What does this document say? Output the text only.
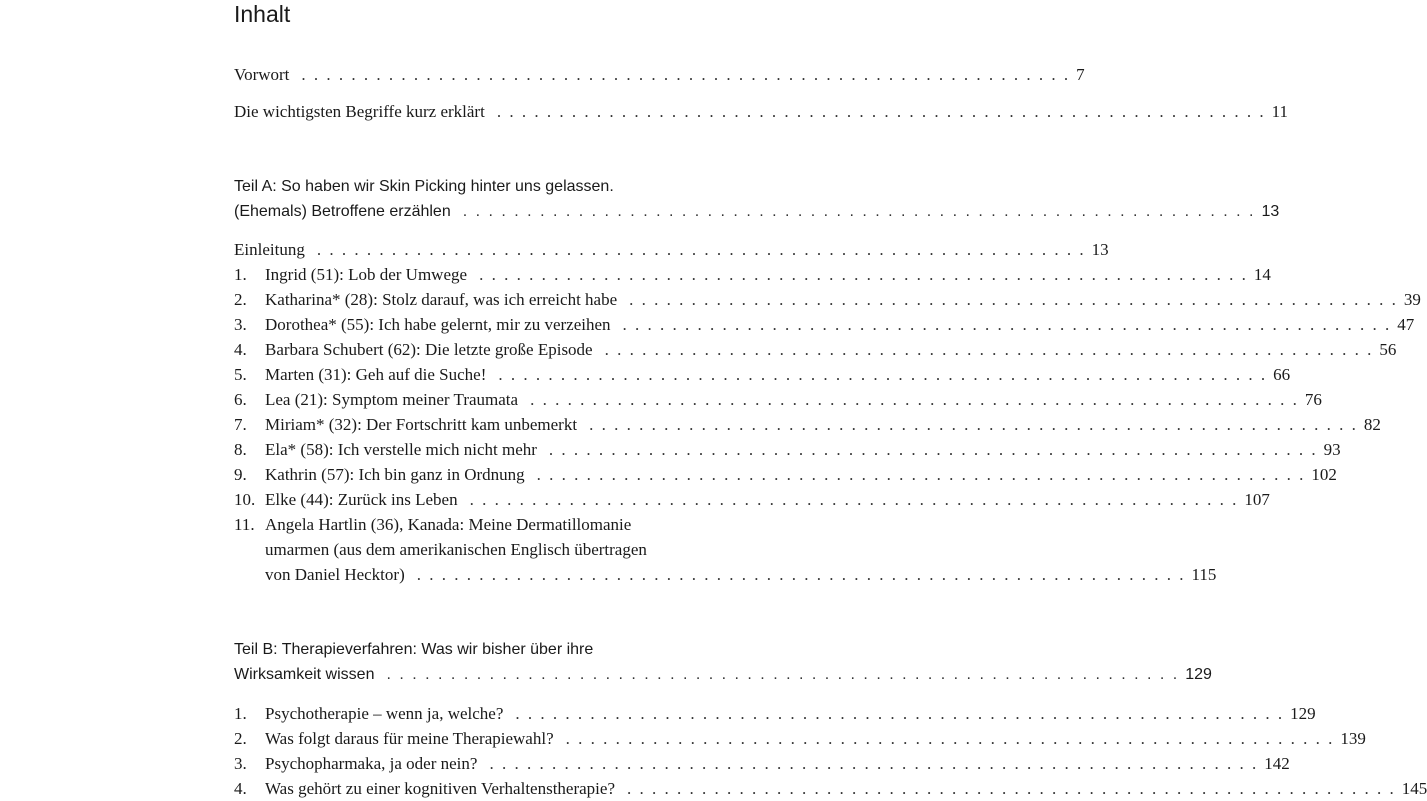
Inhalt
Vorwort . . . . . . . . . . . . . . . . . . . . . . . . . . . . . . . . . . . . . . . . . . . . . . . . . . . . . . . . . . . . . . 7
Die wichtigsten Begriffe kurz erklärt . . . . . . . . . . . . . . . . . . . . . . . . . . . . . . . . . . . . . . . . . . . . . . . . . . . . . . . . . . . . . . 11
Teil A: So haben wir Skin Picking hinter uns gelassen.
(Ehemals) Betroffene erzählen . . . . . . . . . . . . . . . . . . . . . . . . . . . . . . . . . . . . . . . . . . . . . . . . . . . . . . . . . . . . . . 13
Einleitung . . . . . . . . . . . . . . . . . . . . . . . . . . . . . . . . . . . . . . . . . . . . . . . . . . . . . . . . . . . . . . 13
1.	Ingrid (51): Lob der Umwege . . . . . . . . . . . . . . . . . . . . . . . . . . . . . . . . . . . . . . . . . . . . . . . . . . . . . . . . . . . . . . 14
2.	Katharina* (28): Stolz darauf, was ich erreicht habe . . . . . . . . . . . . . . . . . . . . . . . . . . . . . . . . . . . . . . . . . . . . . . . . . . . . . . . . . . . . . . 39
3.	Dorothea* (55): Ich habe gelernt, mir zu verzeihen . . . . . . . . . . . . . . . . . . . . . . . . . . . . . . . . . . . . . . . . . . . . . . . . . . . . . . . . . . . . . . 47
4.	Barbara Schubert (62): Die letzte große Episode . . . . . . . . . . . . . . . . . . . . . . . . . . . . . . . . . . . . . . . . . . . . . . . . . . . . . . . . . . . . . . 56
5.	Marten (31): Geh auf die Suche! . . . . . . . . . . . . . . . . . . . . . . . . . . . . . . . . . . . . . . . . . . . . . . . . . . . . . . . . . . . . . . 66
6.	Lea (21): Symptom meiner Traumata . . . . . . . . . . . . . . . . . . . . . . . . . . . . . . . . . . . . . . . . . . . . . . . . . . . . . . . . . . . . . . 76
7.	Miriam* (32): Der Fortschritt kam unbemerkt . . . . . . . . . . . . . . . . . . . . . . . . . . . . . . . . . . . . . . . . . . . . . . . . . . . . . . . . . . . . . . 82
8.	Ela* (58): Ich verstelle mich nicht mehr . . . . . . . . . . . . . . . . . . . . . . . . . . . . . . . . . . . . . . . . . . . . . . . . . . . . . . . . . . . . . . 93
9.	Kathrin (57): Ich bin ganz in Ordnung . . . . . . . . . . . . . . . . . . . . . . . . . . . . . . . . . . . . . . . . . . . . . . . . . . . . . . . . . . . . . . 102
10. Elke (44): Zurück ins Leben . . . . . . . . . . . . . . . . . . . . . . . . . . . . . . . . . . . . . . . . . . . . . . . . . . . . . . . . . . . . . . 107
11. Angela Hartlin (36), Kanada: Meine Dermatillomanie
umarmen (aus dem amerikanischen Englisch übertragen
von Daniel Hecktor) . . . . . . . . . . . . . . . . . . . . . . . . . . . . . . . . . . . . . . . . . . . . . . . . . . . . . . . . . . . . . . 115
Teil B: Therapieverfahren: Was wir bisher über ihre
Wirksamkeit wissen . . . . . . . . . . . . . . . . . . . . . . . . . . . . . . . . . . . . . . . . . . . . . . . . . . . . . . . . . . . . . . 129
1.	Psychotherapie – wenn ja, welche? . . . . . . . . . . . . . . . . . . . . . . . . . . . . . . . . . . . . . . . . . . . . . . . . . . . . . . . . . . . . . . 129
2.	Was folgt daraus für meine Therapiewahl? . . . . . . . . . . . . . . . . . . . . . . . . . . . . . . . . . . . . . . . . . . . . . . . . . . . . . . . . . . . . . . 139
3.	Psychopharmaka, ja oder nein? . . . . . . . . . . . . . . . . . . . . . . . . . . . . . . . . . . . . . . . . . . . . . . . . . . . . . . . . . . . . . . 142
4.	Was gehört zu einer kognitiven Verhaltenstherapie? . . . . . . . . . . . . . . . . . . . . . . . . . . . . . . . . . . . . . . . . . . . . . . . . . . . . . . . . . . . . . . 145
